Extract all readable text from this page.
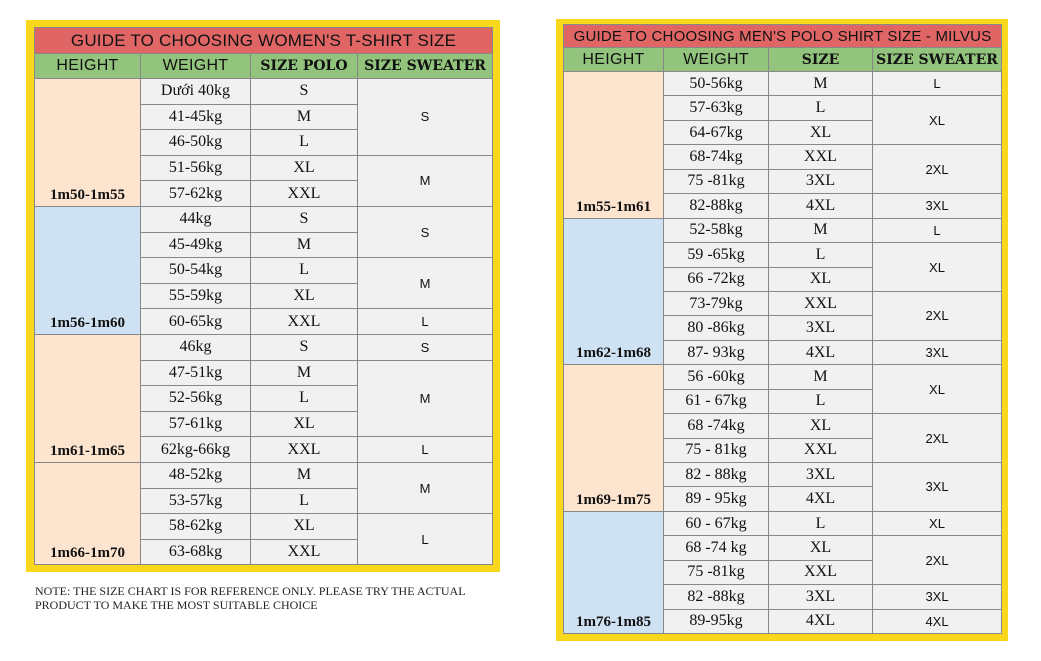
GUIDE TO CHOOSING WOMEN'S T-SHIRT SIZE			
HEIGHT	WEIGHT	SIZE POLO	SIZE SWEATER
1m50-1m55	Dưới 40kg	S	S
	41-45kg	M	
	46-50kg	L	
	51-56kg	XL	M
	57-62kg	XXL	
1m56-1m60	44kg	S	S
	45-49kg	M	
	50-54kg	L	M
	55-59kg	XL	
	60-65kg	XXL	L
1m61-1m65	46kg	S	S
	47-51kg	M	M
	52-56kg	L	
	57-61kg	XL	
	62kg-66kg	XXL	L
1m66-1m70	48-52kg	M	M
	53-57kg	L	
	58-62kg	XL	L
	63-68kg	XXL	
GUIDE TO CHOOSING MEN'S POLO SHIRT SIZE - MILVUS			
HEIGHT	WEIGHT	SIZE	SIZE SWEATER
1m55-1m61	50-56kg	M	L
	57-63kg	L	XL
	64-67kg	XL	
	68-74kg	XXL	2XL
	75 -81kg	3XL	
	82-88kg	4XL	3XL
1m62-1m68	52-58kg	M	L
	59 -65kg	L	XL
	66 -72kg	XL	
	73-79kg	XXL	2XL
	80 -86kg	3XL	
	87- 93kg	4XL	3XL
1m69-1m75	56 -60kg	M	XL
	61 - 67kg	L	
	68 -74kg	XL	2XL
	75 - 81kg	XXL	
	82 - 88kg	3XL	3XL
	89 - 95kg	4XL	
1m76-1m85	60 - 67kg	L	XL
	68 -74 kg	XL	2XL
	75 -81kg	XXL	
	82 -88kg	3XL	3XL
	89-95kg	4XL	4XL

NOTE: THE SIZE CHART IS FOR REFERENCE ONLY. PLEASE TRY THE ACTUAL PRODUCT TO MAKE THE MOST SUITABLE CHOICE
